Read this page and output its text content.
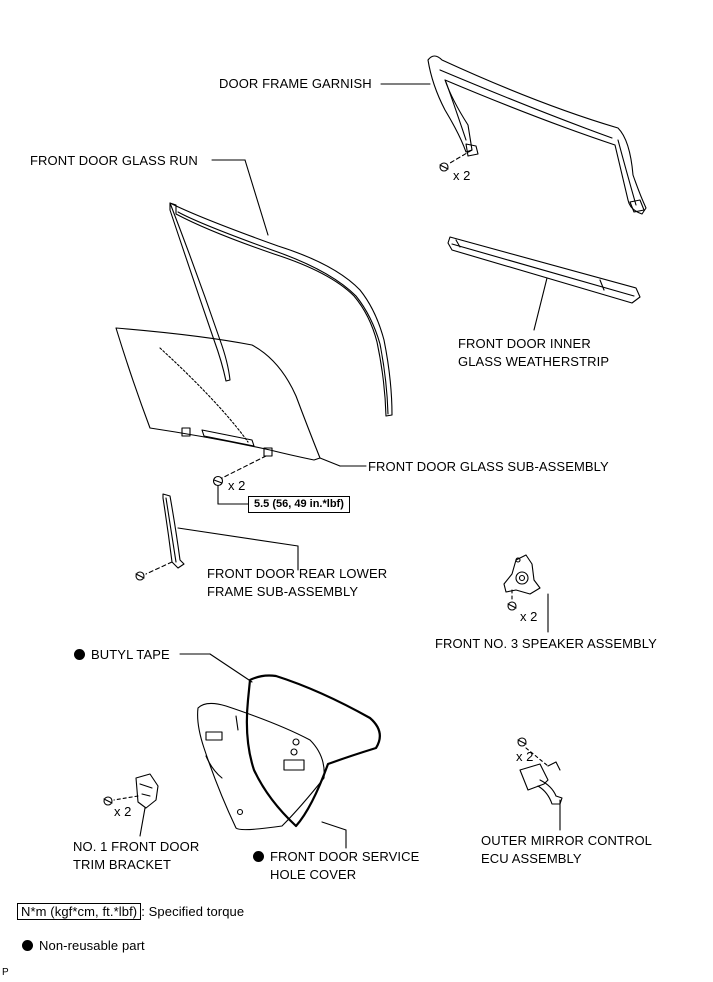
DOOR FRAME GARNISH
x 2
FRONT DOOR GLASS RUN
FRONT DOOR INNER
GLASS WEATHERSTRIP
FRONT DOOR GLASS SUB-ASSEMBLY
x 2
5.5 (56, 49 in.*lbf)
FRONT DOOR REAR LOWER
FRAME SUB-ASSEMBLY
x 2
FRONT NO. 3 SPEAKER ASSEMBLY
BUTYL TAPE
x 2
x 2
NO. 1 FRONT DOOR
TRIM BRACKET
FRONT DOOR SERVICE
HOLE COVER
OUTER MIRROR CONTROL
ECU ASSEMBLY
N*m (kgf*cm, ft.*lbf) : Specified torque
Non-reusable part
P
